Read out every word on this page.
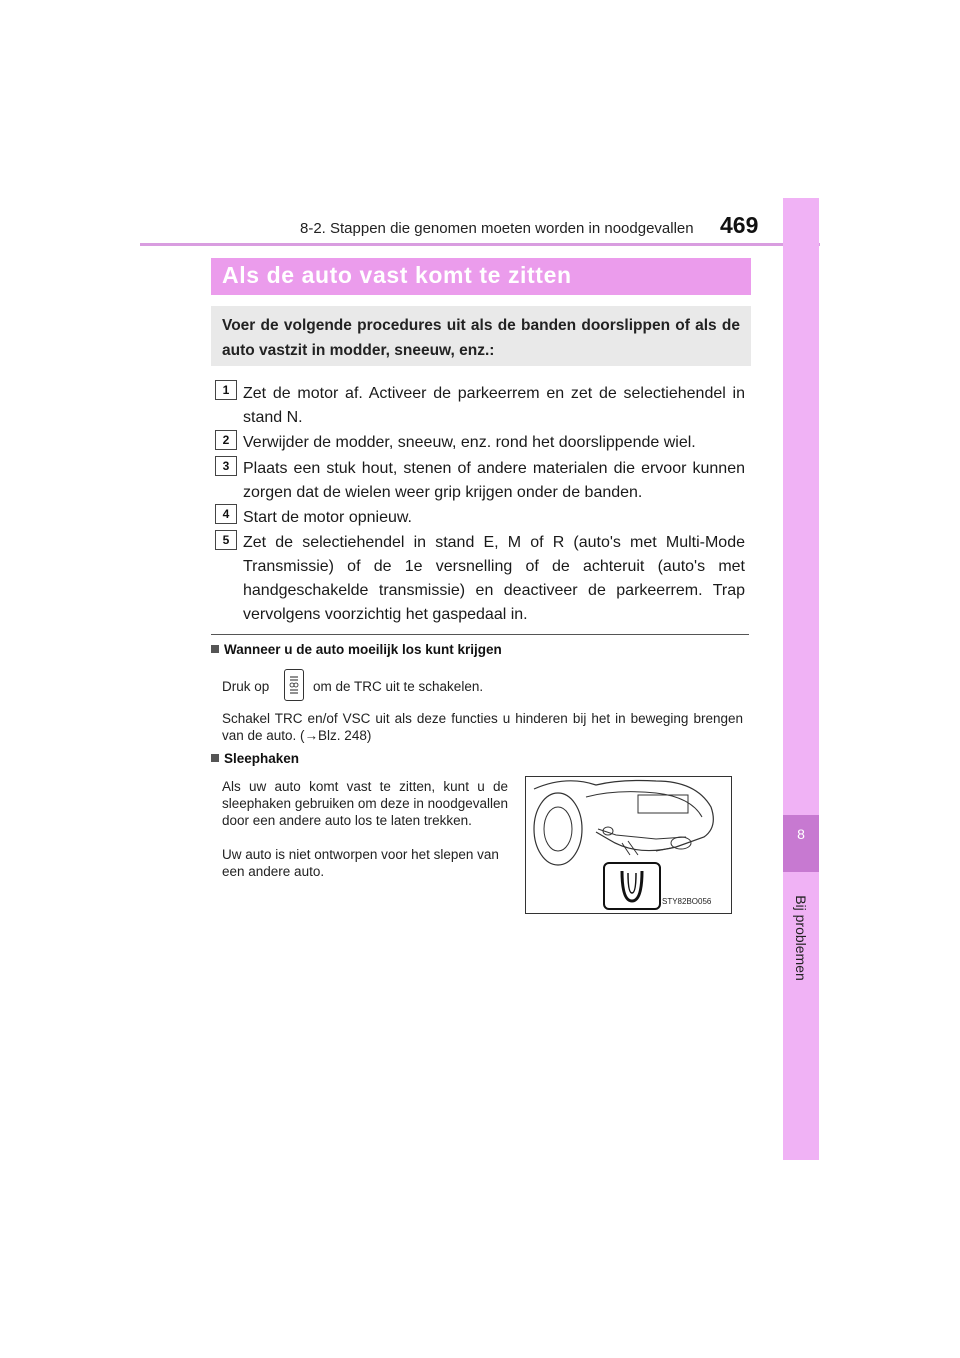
8-2. Stappen die genomen moeten worden in noodgevallen 469
8
Bij problemen
Als de auto vast komt te zitten
Voer de volgende procedures uit als de banden doorslippen of als de auto vastzit in modder, sneeuw, enz.:
1 Zet de motor af. Activeer de parkeerrem en zet de selectiehendel in stand N.
2 Verwijder de modder, sneeuw, enz. rond het doorslippende wiel.
3 Plaats een stuk hout, stenen of andere materialen die ervoor kunnen zorgen dat de wielen weer grip krijgen onder de banden.
4 Start de motor opnieuw.
5 Zet de selectiehendel in stand E, M of R (auto's met Multi-Mode Transmissie) of de 1e versnelling of de achteruit (auto's met handgeschakelde transmissie) en deactiveer de parkeerrem. Trap vervolgens voorzichtig het gaspedaal in.
Wanneer u de auto moeilijk los kunt krijgen
Druk op	om de TRC uit te schakelen.
Schakel TRC en/of VSC uit als deze functies u hinderen bij het in beweging brengen van de auto. (→Blz. 248)
Sleephaken
Als uw auto komt vast te zitten, kunt u de sleephaken gebruiken om deze in noodgevallen door een andere auto los te laten trekken.
Uw auto is niet ontworpen voor het slepen van een andere auto.
STY82BO056
